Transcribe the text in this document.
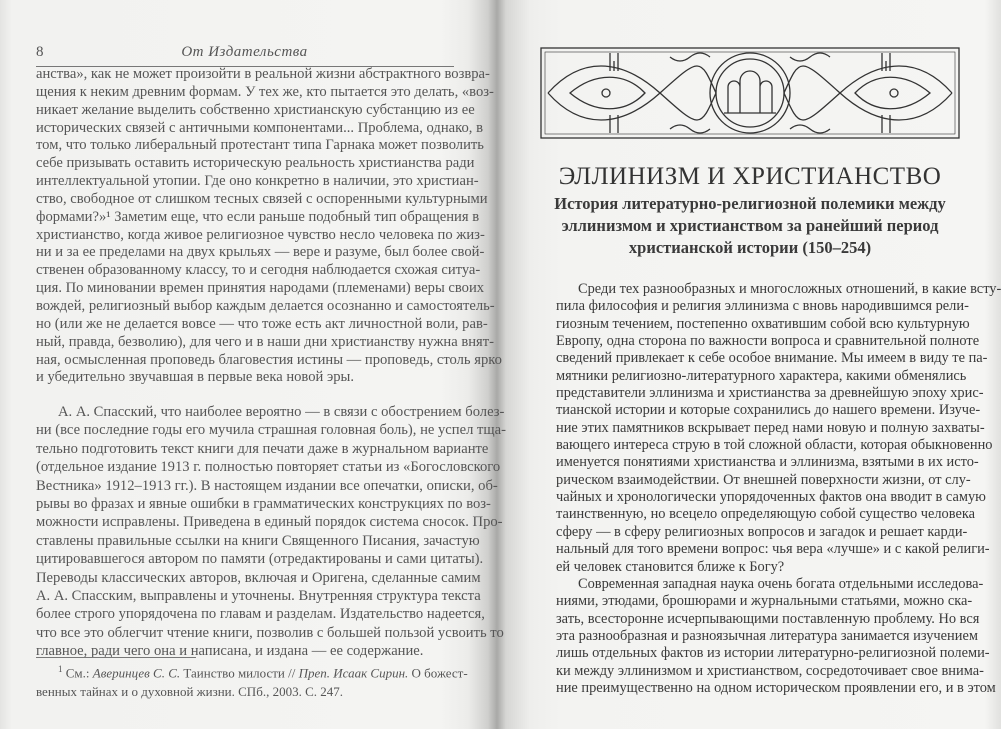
8	От Издательства
анства», как не может произойти в реальной жизни абстрактного возвра-
щения к неким древним формам. У тех же, кто пытается это делать, «воз-
никает желание выделить собственно христианскую субстанцию из ее
исторических связей с античными компонентами... Проблема, однако, в
том, что только либеральный протестант типа Гарнака может позволить
себе призывать оставить историческую реальность христианства ради
интеллектуальной утопии. Где оно конкретно в наличии, это христиан-
ство, свободное от слишком тесных связей с оспоренными культурными
формами?»¹ Заметим еще, что если раньше подобный тип обращения в
христианство, когда живое религиозное чувство несло человека по жиз-
ни и за ее пределами на двух крыльях — вере и разуме, был более свой-
ственен образованному классу, то и сегодня наблюдается схожая ситуа-
ция. По миновании времен принятия народами (племенами) веры своих
вождей, религиозный выбор каждым делается осознанно и самостоятель-
но (или же не делается вовсе — что тоже есть акт личностной воли, рав-
ный, правда, безволию), для чего и в наши дни христианству нужна внят-
ная, осмысленная проповедь благовестия истины — проповедь, столь ярко
и убедительно звучавшая в первые века новой эры.
А. А. Спасский, что наиболее вероятно — в связи с обострением болез-
ни (все последние годы его мучила страшная головная боль), не успел тща-
тельно подготовить текст книги для печати даже в журнальном варианте
(отдельное издание 1913 г. полностью повторяет статьи из «Богословского
Вестника» 1912–1913 гг.). В настоящем издании все опечатки, описки, об-
рывы во фразах и явные ошибки в грамматических конструкциях по воз-
можности исправлены. Приведена в единый порядок система сносок. Про-
ставлены правильные ссылки на книги Священного Писания, зачастую
цитировавшегося автором по памяти (отредактированы и сами цитаты).
Переводы классических авторов, включая и Оригена, сделанные самим
А. А. Спасским, выправлены и уточнены. Внутренняя структура текста
более строго упорядочена по главам и разделам. Издательство надеется,
что все это облегчит чтение книги, позволив с большей пользой усвоить то
главное, ради чего она и написана, и издана — ее содержание.
$^1$ См.: Аверинцев С. С. Таинство милости // Преп. Исаак Сирин. О божест-
венных тайнах и о духовной жизни. СПб., 2003. С. 247.
ЭЛЛИНИЗМ И ХРИСТИАНСТВО
История литературно-религиозной полемики между
эллинизмом и христианством за ранейший период
христианской истории (150–254)
Среди тех разнообразных и многосложных отношений, в какие всту-
пила философия и религия эллинизма с вновь народившимся рели-
гиозным течением, постепенно охватившим собой всю культурную
Европу, одна сторона по важности вопроса и сравнительной полноте
сведений привлекает к себе особое внимание. Мы имеем в виду те па-
мятники религиозно-литературного характера, какими обменялись
представители эллинизма и христианства за древнейшую эпоху хрис-
тианской истории и которые сохранились до нашего времени. Изуче-
ние этих памятников вскрывает перед нами новую и полную захваты-
вающего интереса струю в той сложной области, которая обыкновенно
именуется понятиями христианства и эллинизма, взятыми в их исто-
рическом взаимодействии. От внешней поверхности жизни, от слу-
чайных и хронологически упорядоченных фактов она вводит в самую
таинственную, но всецело определяющую собой существо человека
сферу — в сферу религиозных вопросов и загадок и решает карди-
нальный для того времени вопрос: чья вера «лучше» и с какой религи-
ей человек становится ближе к Богу?
Современная западная наука очень богата отдельными исследова-
ниями, этюдами, брошюрами и журнальными статьями, можно ска-
зать, всесторонне исчерпывающими поставленную проблему. Но вся
эта разнообразная и разноязычная литература занимается изучением
лишь отдельных фактов из истории литературно-религиозной полеми-
ки между эллинизмом и христианством, сосредоточивает свое внима-
ние преимущественно на одном историческом проявлении его, и в этом
